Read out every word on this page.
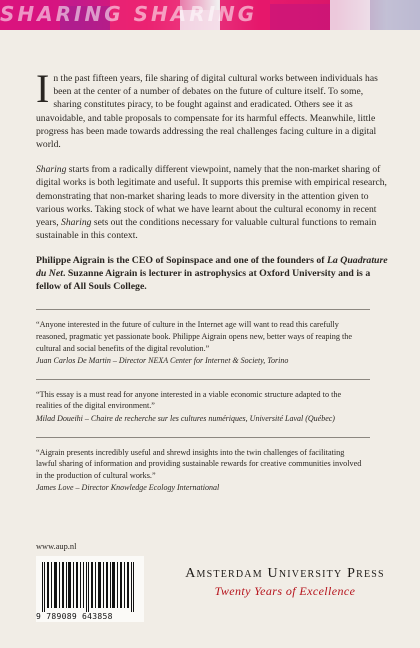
SHARING SHARING

In the past fifteen years, file sharing of digital cultural works between individuals has been at the center of a number of debates on the future of culture itself. To some, sharing constitutes piracy, to be fought against and eradicated. Others see it as unavoidable, and table proposals to compensate for its harmful effects. Meanwhile, little progress has been made towards addressing the real challenges facing culture in a digital world.

Sharing starts from a radically different viewpoint, namely that the non-market sharing of digital works is both legitimate and useful. It supports this premise with empirical research, demonstrating that non-market sharing leads to more diversity in the attention given to various works. Taking stock of what we have learnt about the cultural economy in recent years, Sharing sets out the conditions necessary for valuable cultural functions to remain sustainable in this context.

Philippe Aigrain is the CEO of Sopinspace and one of the founders of La Quadrature du Net. Suzanne Aigrain is lecturer in astrophysics at Oxford University and is a fellow of All Souls College.

“Anyone interested in the future of culture in the Internet age will want to read this carefully reasoned, pragmatic yet passionate book. Philippe Aigrain opens new, better ways of reaping the cultural and social benefits of the digital revolution.”

Juan Carlos De Martin – Director NEXA Center for Internet & Society, Torino

“This essay is a must read for anyone interested in a viable economic structure adapted to the realities of the digital environment.”

Milad Doueihi – Chaire de recherche sur les cultures numériques, Université Laval (Québec)

“Aigrain presents incredibly useful and shrewd insights into the twin challenges of facilitating lawful sharing of information and providing sustainable rewards for creative communities involved in the production of cultural works.”

James Love – Director Knowledge Ecology International

www.aup.nl
9 789089 643858
Amsterdam University Press
Twenty Years of Excellence
